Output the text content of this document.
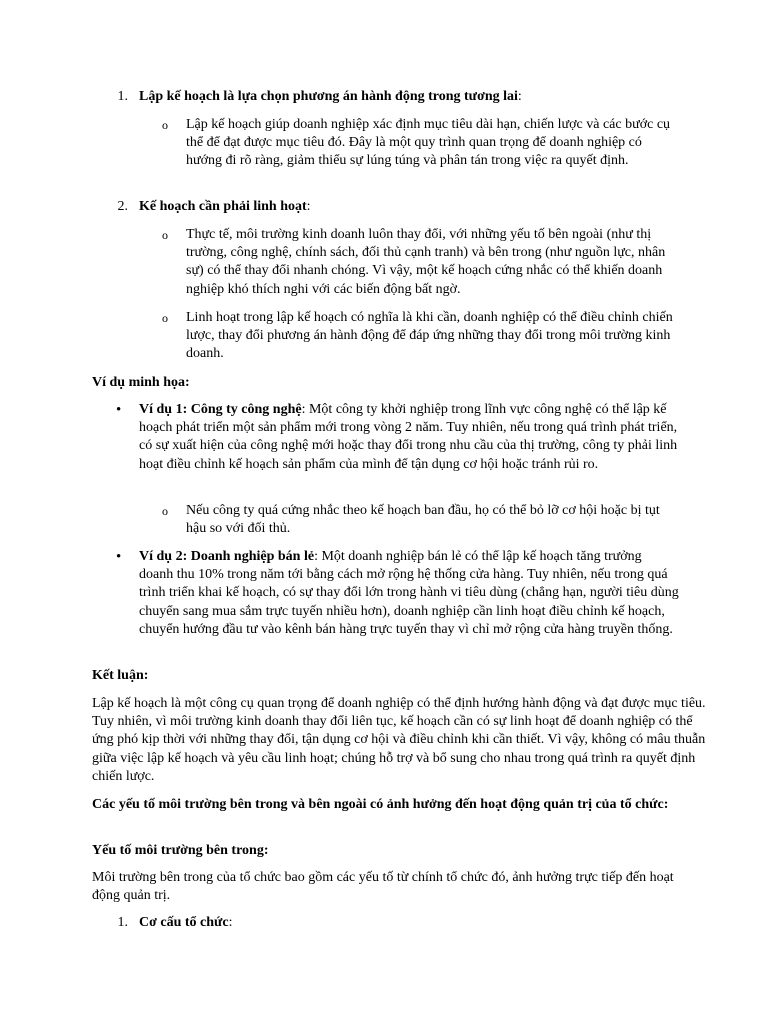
1. Lập kế hoạch là lựa chọn phương án hành động trong tương lai:

o Lập kế hoạch giúp doanh nghiệp xác định mục tiêu dài hạn, chiến lược và các bước cụ thể để đạt được mục tiêu đó. Đây là một quy trình quan trọng để doanh nghiệp có hướng đi rõ ràng, giảm thiểu sự lúng túng và phân tán trong việc ra quyết định.

2. Kế hoạch cần phải linh hoạt:

o Thực tế, môi trường kinh doanh luôn thay đổi, với những yếu tố bên ngoài (như thị trường, công nghệ, chính sách, đối thủ cạnh tranh) và bên trong (như nguồn lực, nhân sự) có thể thay đổi nhanh chóng. Vì vậy, một kế hoạch cứng nhắc có thể khiến doanh nghiệp khó thích nghi với các biến động bất ngờ.

o Linh hoạt trong lập kế hoạch có nghĩa là khi cần, doanh nghiệp có thể điều chỉnh chiến lược, thay đổi phương án hành động để đáp ứng những thay đổi trong môi trường kinh doanh.

Ví dụ minh họa:

• Ví dụ 1: Công ty công nghệ: Một công ty khởi nghiệp trong lĩnh vực công nghệ có thể lập kế hoạch phát triển một sản phẩm mới trong vòng 2 năm. Tuy nhiên, nếu trong quá trình phát triển, có sự xuất hiện của công nghệ mới hoặc thay đổi trong nhu cầu của thị trường, công ty phải linh hoạt điều chỉnh kế hoạch sản phẩm của mình để tận dụng cơ hội hoặc tránh rủi ro.

o Nếu công ty quá cứng nhắc theo kế hoạch ban đầu, họ có thể bỏ lỡ cơ hội hoặc bị tụt hậu so với đối thủ.

• Ví dụ 2: Doanh nghiệp bán lẻ: Một doanh nghiệp bán lẻ có thể lập kế hoạch tăng trưởng doanh thu 10% trong năm tới bằng cách mở rộng hệ thống cửa hàng. Tuy nhiên, nếu trong quá trình triển khai kế hoạch, có sự thay đổi lớn trong hành vi tiêu dùng (chẳng hạn, người tiêu dùng chuyển sang mua sắm trực tuyến nhiều hơn), doanh nghiệp cần linh hoạt điều chỉnh kế hoạch, chuyển hướng đầu tư vào kênh bán hàng trực tuyến thay vì chỉ mở rộng cửa hàng truyền thống.

Kết luận:

Lập kế hoạch là một công cụ quan trọng để doanh nghiệp có thể định hướng hành động và đạt được mục tiêu. Tuy nhiên, vì môi trường kinh doanh thay đổi liên tục, kế hoạch cần có sự linh hoạt để doanh nghiệp có thể ứng phó kịp thời với những thay đổi, tận dụng cơ hội và điều chỉnh khi cần thiết. Vì vậy, không có mâu thuẫn giữa việc lập kế hoạch và yêu cầu linh hoạt; chúng hỗ trợ và bổ sung cho nhau trong quá trình ra quyết định chiến lược.

Các yếu tố môi trường bên trong và bên ngoài có ảnh hưởng đến hoạt động quản trị của tổ chức:

Yếu tố môi trường bên trong:

Môi trường bên trong của tổ chức bao gồm các yếu tố từ chính tổ chức đó, ảnh hưởng trực tiếp đến hoạt động quản trị.

1. Cơ cấu tổ chức:
